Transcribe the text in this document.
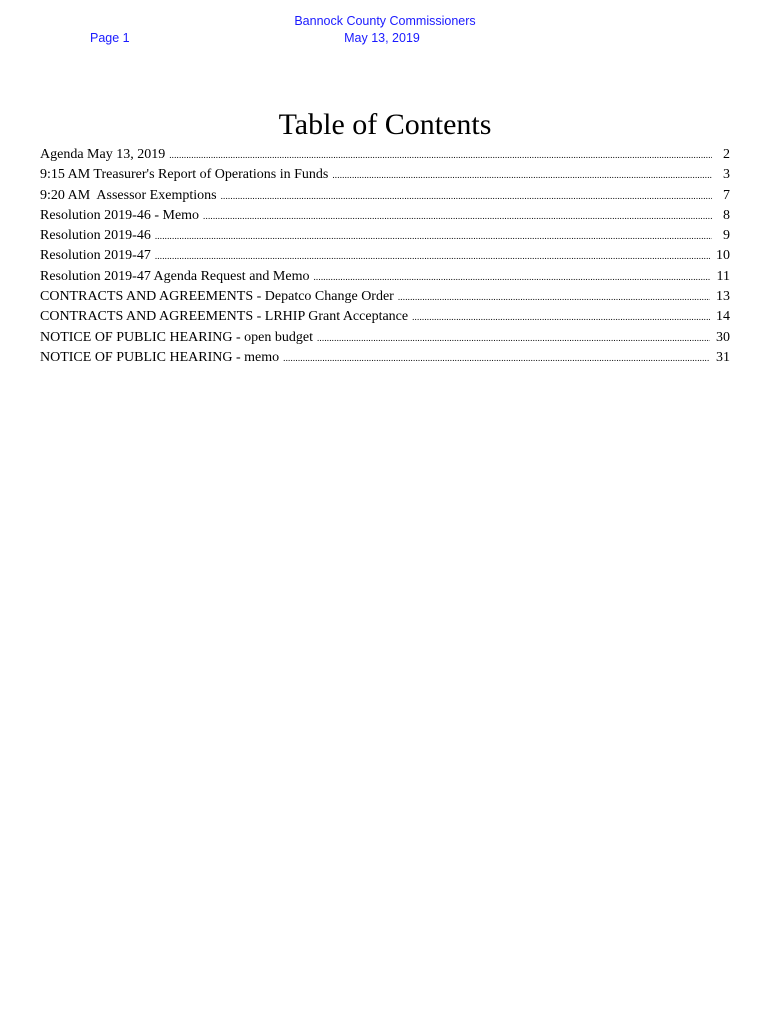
Page 1
Bannock County Commissioners
May 13, 2019
Table of Contents
Agenda May 13, 2019 .....	2
9:15 AM Treasurer's Report of Operations in Funds .....	3
9:20 AM  Assessor Exemptions .....	7
Resolution 2019-46 - Memo .....	8
Resolution 2019-46 .....	9
Resolution 2019-47 .....	10
Resolution 2019-47 Agenda Request and Memo .....	11
CONTRACTS AND AGREEMENTS - Depatco Change Order .....	13
CONTRACTS AND AGREEMENTS - LRHIP Grant Acceptance .....	14
NOTICE OF PUBLIC HEARING - open budget .....	30
NOTICE OF PUBLIC HEARING - memo .....	31
